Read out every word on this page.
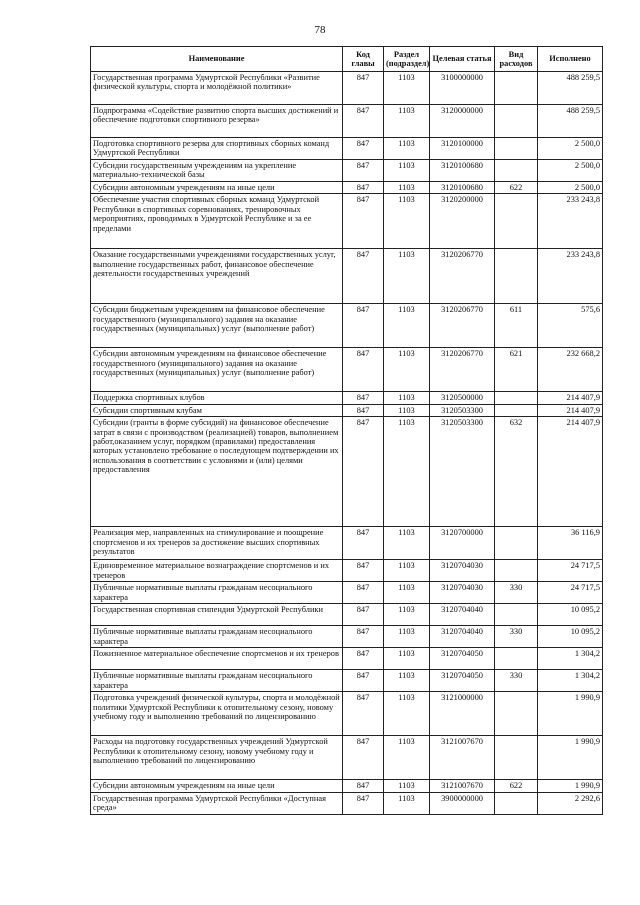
78
Наименование	Код главы	Раздел (подраздел)	Целевая статья	Вид расходов	Исполнено
Государственная программа Удмуртской Республики «Развитие физической культуры, спорта и молодёжной политики»	847	1103	3100000000		488 259,5
Подпрограмма «Содействие развитию спорта высших достижений и обеспечение подготовки спортивного резерва»	847	1103	3120000000		488 259,5
Подготовка спортивного резерва для спортивных сборных команд Удмуртской Республики	847	1103	3120100000		2 500,0
Субсидии государственным учреждениям на укрепление материально-технической базы	847	1103	3120100680		2 500,0
Субсидии автономным учреждениям на иные цели	847	1103	3120100680	622	2 500,0
Обеспечение участия спортивных сборных команд Удмуртской Республики в спортивных соревнованиях, тренировочных мероприятиях, проводимых в Удмуртской Республике и за ее пределами	847	1103	3120200000		233 243,8
Оказание государственными учреждениями государственных услуг, выполнение государственных работ, финансовое обеспечение деятельности государственных учреждений	847	1103	3120206770		233 243,8
Субсидии бюджетным учреждениям на финансовое обеспечение государственного (муниципального) задания на оказание государственных (муниципальных) услуг (выполнение работ)	847	1103	3120206770	611	575,6
Субсидии автономным учреждениям на финансовое обеспечение государственного (муниципального) задания на оказание государственных (муниципальных) услуг (выполнение работ)	847	1103	3120206770	621	232 668,2
Поддержка спортивных клубов	847	1103	3120500000		214 407,9
Субсидии спортивным клубам	847	1103	3120503300		214 407,9
Субсидии (гранты в форме субсидий) на финансовое обеспечение затрат в связи с производством (реализацией) товаров, выполнением работ,оказанием услуг, порядком (правилами) предоставления которых установлено требование о последующем подтверждении их использования в соответствии с условиями и (или) целями предоставления	847	1103	3120503300	632	214 407,9
Реализация мер, направленных на стимулирование и поощрение спортсменов и их тренеров за достижение высших спортивных результатов	847	1103	3120700000		36 116,9
Единовременное материальное вознаграждение спортсменов и их тренеров	847	1103	3120704030		24 717,5
Публичные нормативные выплаты гражданам несоциального характера	847	1103	3120704030	330	24 717,5
Государственная спортивная стипендия Удмуртской Республики	847	1103	3120704040		10 095,2
Публичные нормативные выплаты гражданам несоциального характера	847	1103	3120704040	330	10 095,2
Пожизненное материальное обеспечение спортсменов и их тренеров	847	1103	3120704050		1 304,2
Публичные нормативные выплаты гражданам несоциального характера	847	1103	3120704050	330	1 304,2
Подготовка учреждений физической культуры, спорта и молодёжной политики Удмуртской Республики к отопительному сезону, новому учебному году и выполнению требований по лицензированию	847	1103	3121000000		1 990,9
Расходы на подготовку государственных учреждений Удмуртской Республики к отопительному сезону, новому учебному году и выполнению требований по лицензированию	847	1103	3121007670		1 990,9
Субсидии автономным учреждениям на иные цели	847	1103	3121007670	622	1 990,9
Государственная программа Удмуртской Республики «Доступная среда»	847	1103	3900000000		2 292,6
